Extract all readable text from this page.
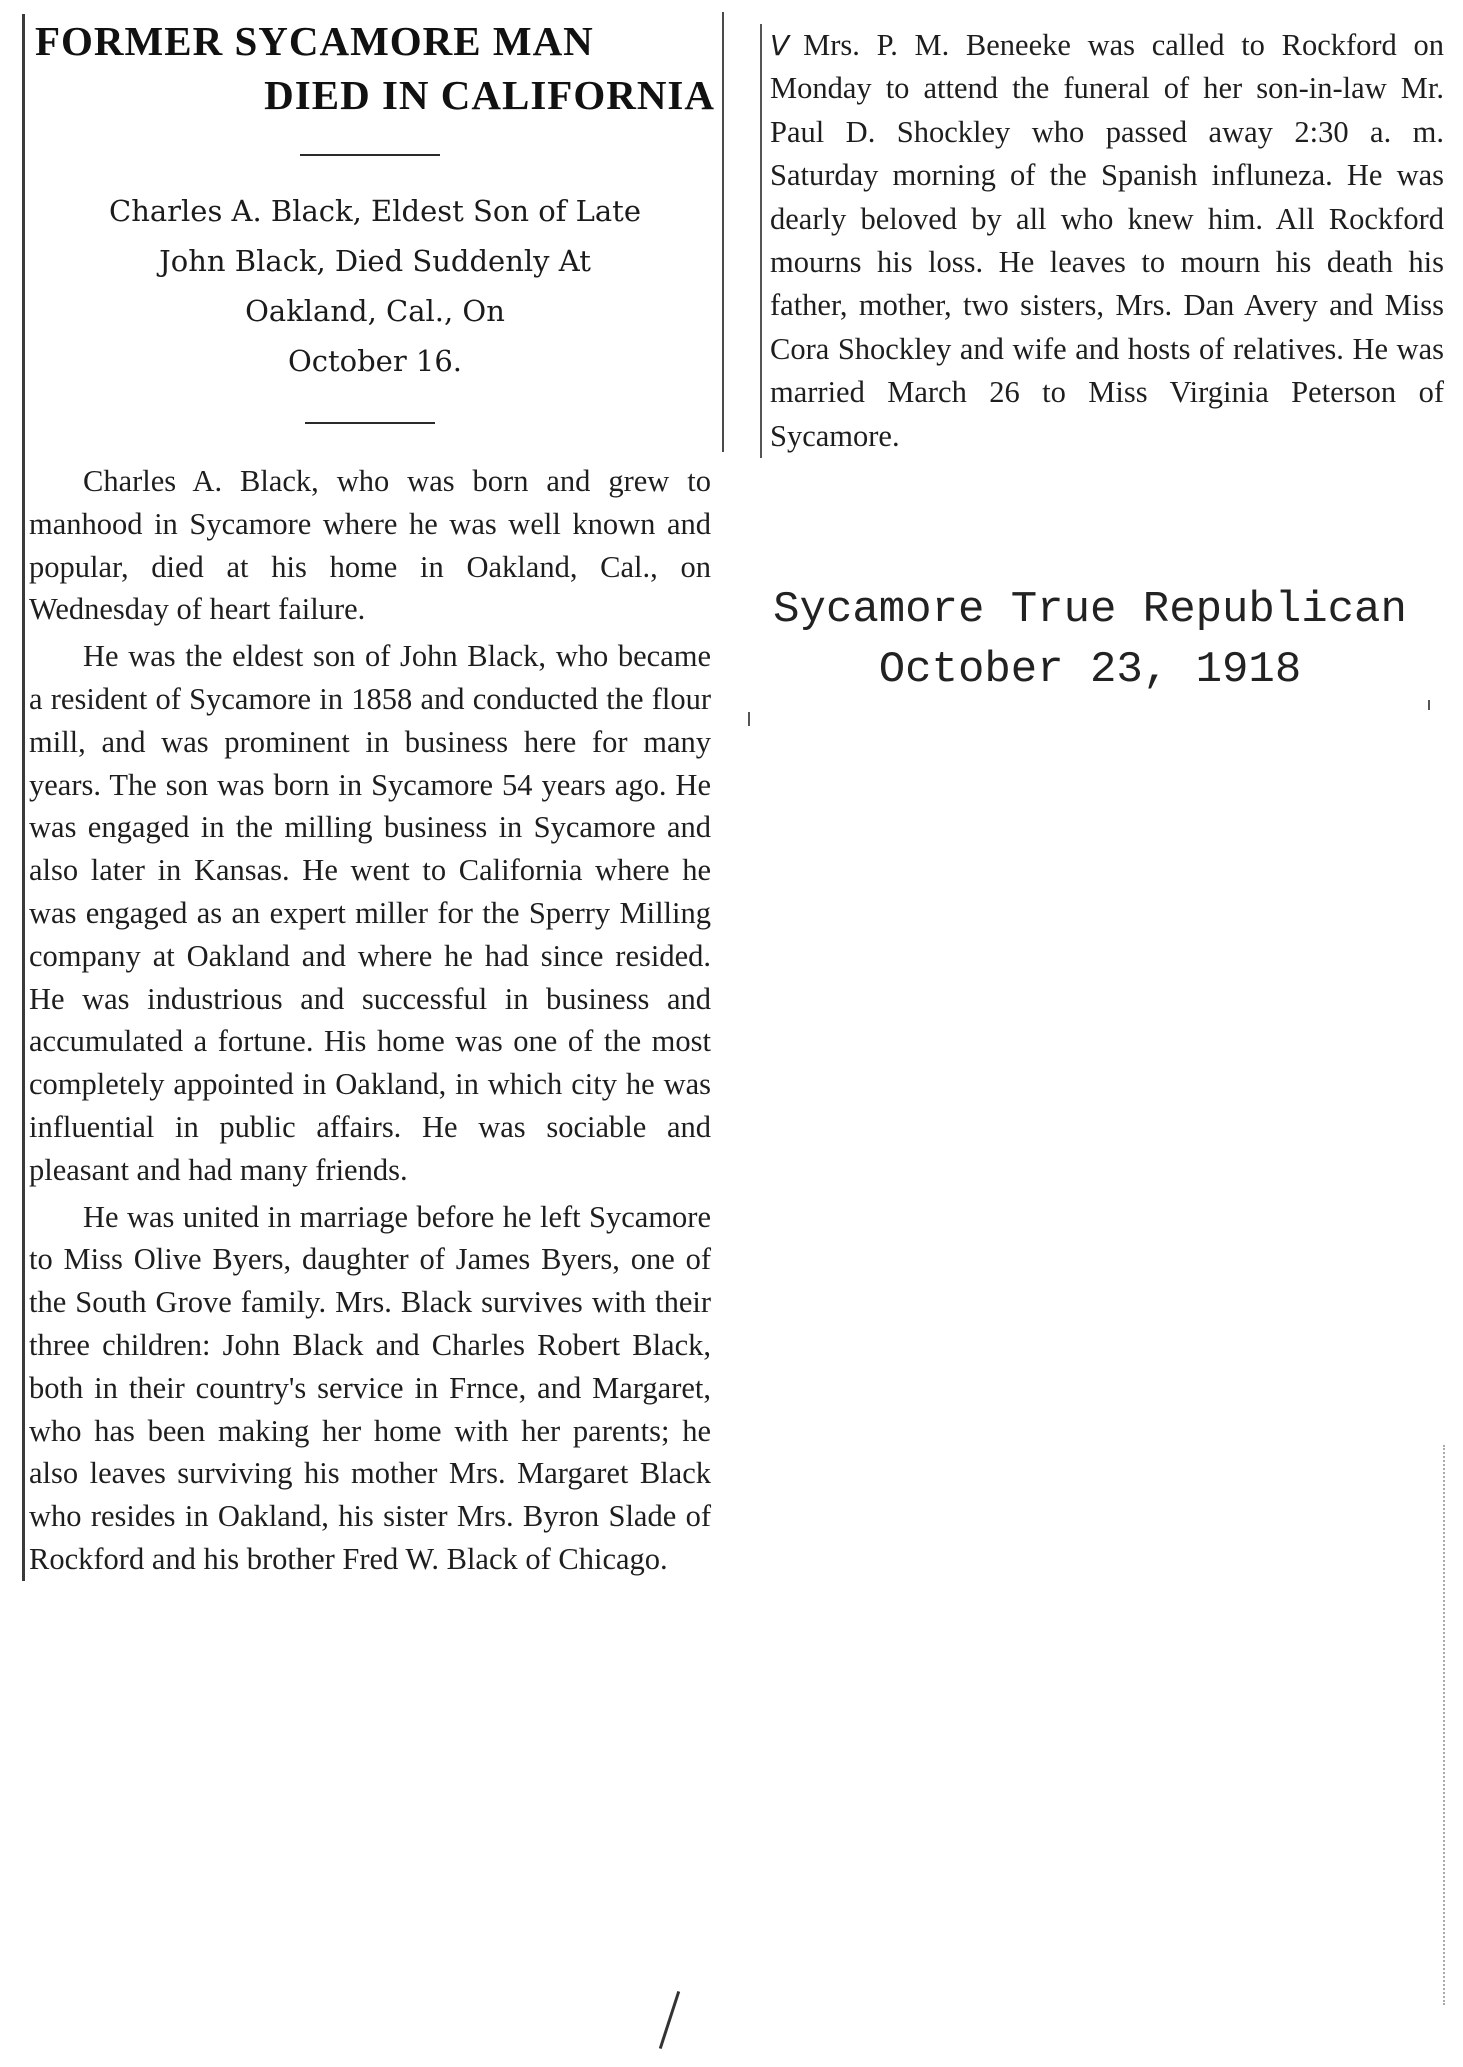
FORMER SYCAMORE MAN
DIED IN CALIFORNIA
Charles A. Black, Eldest Son of Late
John Black, Died Suddenly At
Oakland, Cal., On
October 16.

Charles A. Black, who was born and grew to manhood in Sycamore where he was well known and popular, died at his home in Oakland, Cal., on Wednesday of heart failure.

He was the eldest son of John Black, who became a resident of Sycamore in 1858 and conducted the flour mill, and was prominent in business here for many years. The son was born in Sycamore 54 years ago. He was engaged in the milling business in Sycamore and also later in Kansas. He went to California where he was engaged as an expert miller for the Sperry Milling company at Oakland and where he had since resided. He was industrious and successful in business and accumulated a fortune. His home was one of the most completely appointed in Oakland, in which city he was influential in public affairs. He was sociable and pleasant and had many friends.

He was united in marriage before he left Sycamore to Miss Olive Byers, daughter of James Byers, one of the South Grove family. Mrs. Black survives with their three children: John Black and Charles Robert Black, both in their country's service in Frnce, and Margaret, who has been making her home with her parents; he also leaves surviving his mother Mrs. Margaret Black who resides in Oakland, his sister Mrs. Byron Slade of Rockford and his brother Fred W. Black of Chicago.

V Mrs. P. M. Beneeke was called to Rockford on Monday to attend the funeral of her son-in-law Mr. Paul D. Shockley who passed away 2:30 a. m. Saturday morning of the Spanish influneza. He was dearly beloved by all who knew him. All Rockford mourns his loss. He leaves to mourn his death his father, mother, two sisters, Mrs. Dan Avery and Miss Cora Shockley and wife and hosts of relatives. He was married March 26 to Miss Virginia Peterson of Sycamore.
Sycamore True Republican
October 23, 1918
